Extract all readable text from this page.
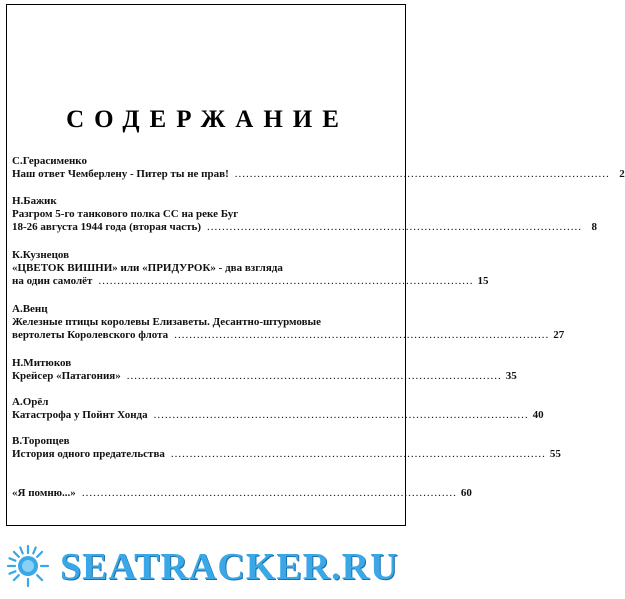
СОДЕРЖАНИЕ
С.Герасименко
Наш ответ Чемберлену - Питер ты не прав! .................................................................................................... 2
Н.Бажик
Разгром 5-го танкового полка СС на реке Буг
18-26 августа 1944 года (вторая часть) .................................................................................................... 8
К.Кузнецов
«ЦВЕТОК ВИШНИ» или «ПРИДУРОК» - два взгляда
на один самолёт .................................................................................................... 15
А.Венц
Железные птицы королевы Елизаветы. Десантно-штурмовые
вертолеты Королевского флота .................................................................................................... 27
Н.Митюков
Крейсер «Патагония» .................................................................................................... 35
А.Орёл
Катастрофа у Пойнт Хонда .................................................................................................... 40
В.Торопцев
История одного предательства .................................................................................................... 55
«Я помню...» .................................................................................................... 60
SEATRACKER.RU
